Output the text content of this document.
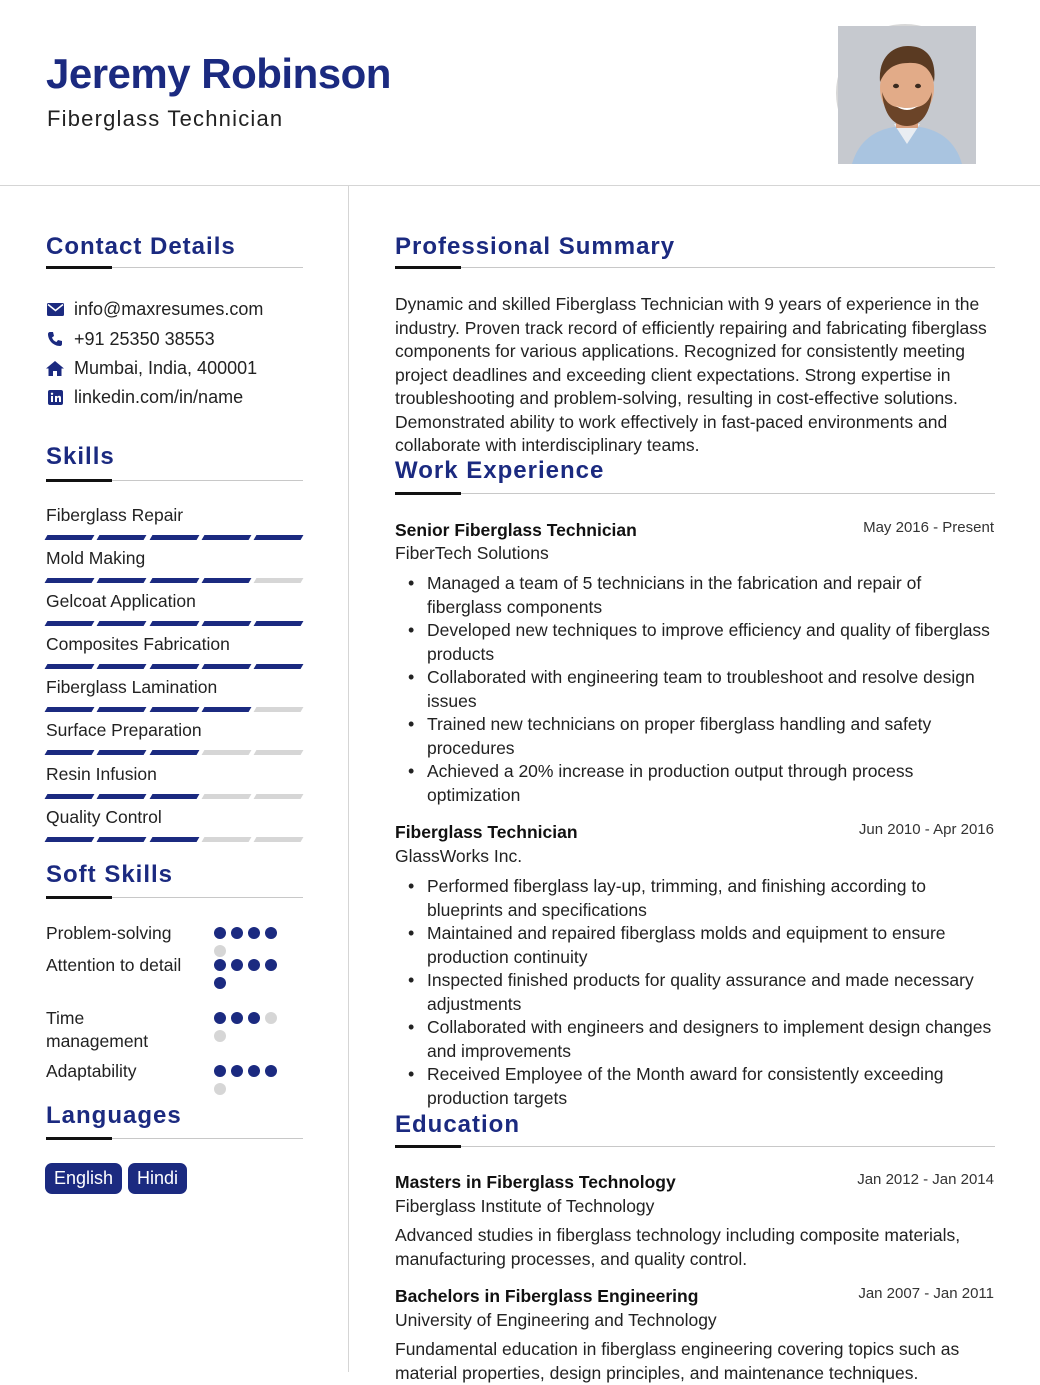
Jeremy Robinson
Fiberglass Technician
Contact Details
info@maxresumes.com
+91 25350 38553
Mumbai, India, 400001
linkedin.com/in/name
Skills
Fiberglass Repair
Mold Making
Gelcoat Application
Composites Fabrication
Fiberglass Lamination
Surface Preparation
Resin Infusion
Quality Control
Soft Skills
Problem-solving
Attention to detail
Time management
Adaptability
Languages
English	Hindi
Professional Summary
Dynamic and skilled Fiberglass Technician with 9 years of experience in the industry. Proven track record of efficiently repairing and fabricating fiberglass components for various applications. Recognized for consistently meeting project deadlines and exceeding client expectations. Strong expertise in troubleshooting and problem-solving, resulting in cost-effective solutions. Demonstrated ability to work effectively in fast-paced environments and collaborate with interdisciplinary teams.
Work Experience
Senior Fiberglass Technician	May 2016 - Present
FiberTech Solutions
• Managed a team of 5 technicians in the fabrication and repair of fiberglass components
• Developed new techniques to improve efficiency and quality of fiberglass products
• Collaborated with engineering team to troubleshoot and resolve design issues
• Trained new technicians on proper fiberglass handling and safety procedures
• Achieved a 20% increase in production output through process optimization
Fiberglass Technician	Jun 2010 - Apr 2016
GlassWorks Inc.
• Performed fiberglass lay-up, trimming, and finishing according to blueprints and specifications
• Maintained and repaired fiberglass molds and equipment to ensure production continuity
• Inspected finished products for quality assurance and made necessary adjustments
• Collaborated with engineers and designers to implement design changes and improvements
• Received Employee of the Month award for consistently exceeding production targets
Education
Masters in Fiberglass Technology	Jan 2012 - Jan 2014
Fiberglass Institute of Technology
Advanced studies in fiberglass technology including composite materials, manufacturing processes, and quality control.
Bachelors in Fiberglass Engineering	Jan 2007 - Jan 2011
University of Engineering and Technology
Fundamental education in fiberglass engineering covering topics such as material properties, design principles, and maintenance techniques.
